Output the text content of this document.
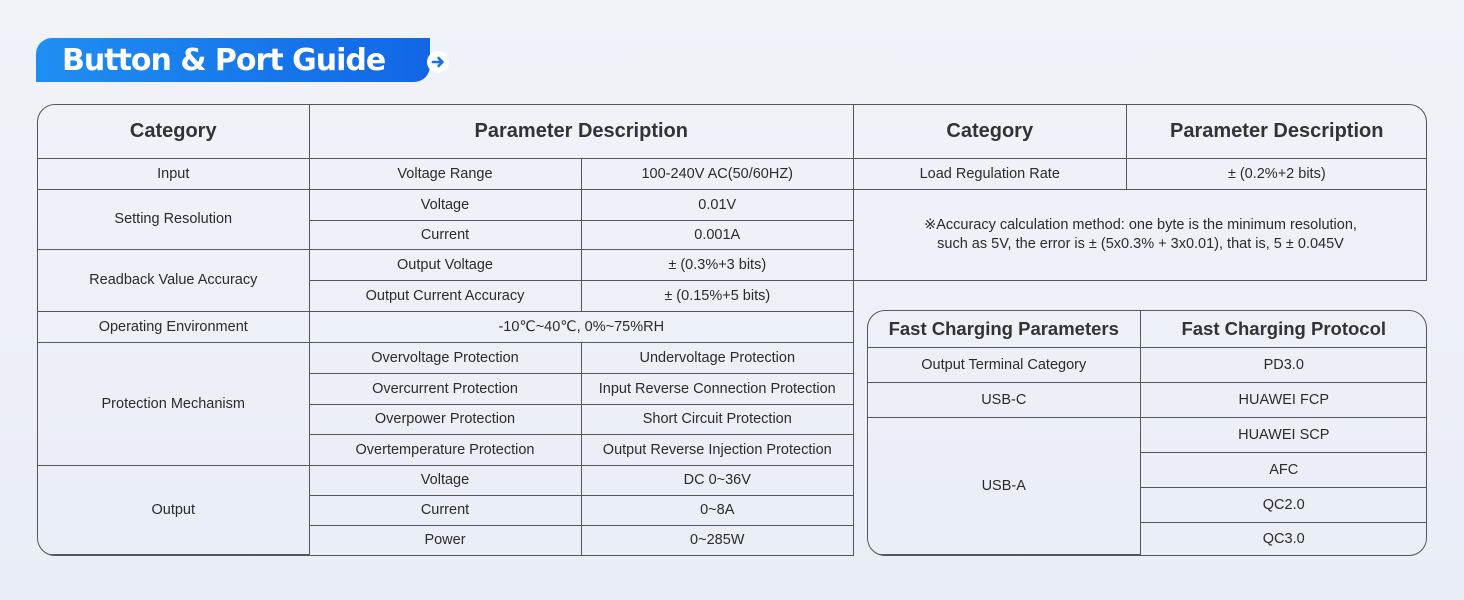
Button & Port Guide
Category	Parameter Description	
Input	Voltage Range	100-240V AC(50/60HZ)
Setting Resolution	Voltage	0.01V
	Current	0.001A
Readback Value Accuracy	Output Voltage	± (0.3%+3 bits)
	Output Current Accuracy	± (0.15%+5 bits)
Operating Environment	-10℃~40℃, 0%~75%RH	
Protection Mechanism	Overvoltage Protection	Undervoltage Protection
	Overcurrent Protection	Input Reverse Connection Protection
	Overpower Protection	Short Circuit Protection
	Overtemperature Protection	Output Reverse Injection Protection
Output	Voltage	DC 0~36V
	Current	0~8A
	Power	0~285W
Category	Parameter Description
Load Regulation Rate	± (0.2%+2 bits)

※Accuracy calculation method: one byte is the minimum resolution,
such as 5V, the error is ± (5x0.3% + 3x0.01), that is, 5 ± 0.045V	
Fast Charging Parameters	Fast Charging Protocol
Output Terminal Category	PD3.0
USB-C	HUAWEI FCP
USB-A	HUAWEI SCP
	AFC
	QC2.0
	QC3.0
